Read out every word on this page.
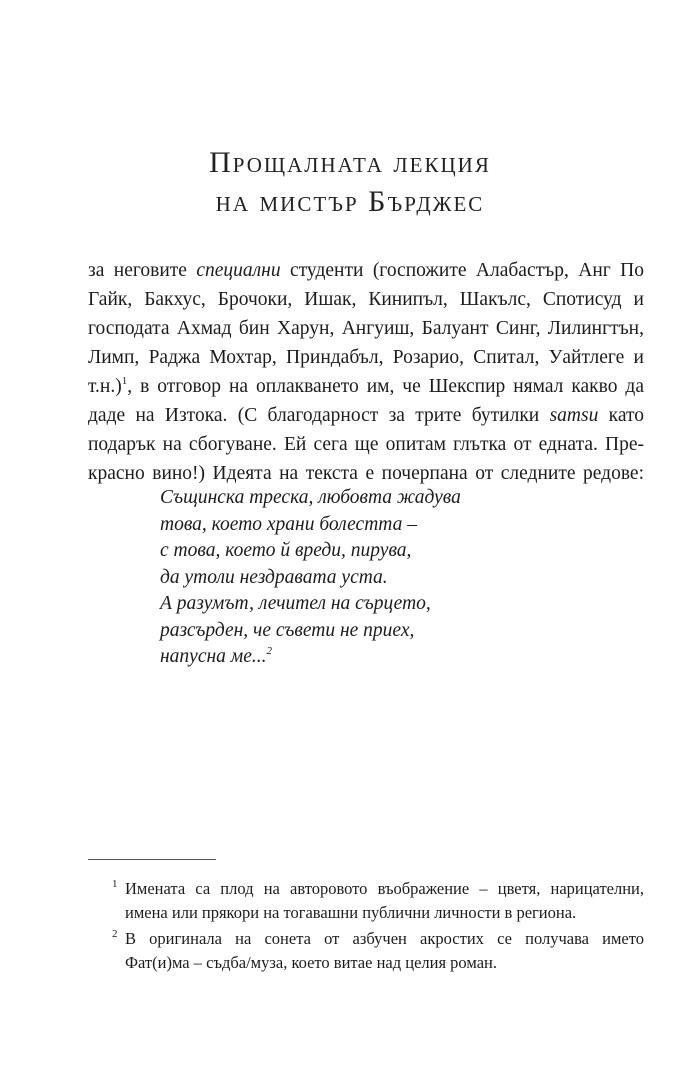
Прощалната лекция
на мистър Бърджес
за неговите специални студенти (госпожите Алабастър, Анг По
Гайк, Бакхус, Брочоки, Ишак, Кинипъл, Шакълс, Спотисуд и
господата Ахмад бин Харун, Ангуиш, Балуант Синг, Лилингтън,
Лимп, Раджа Мохтар, Приндабъл, Розарио, Спитал, Уайтлеге и
т.н.)$^1$, в отговор на оплакването им, че Шекспир нямал какво да
даде на Изтока. (С благодарност за трите бутилки samsu като
подарък на сбогуване. Ей сега ще опитам глътка от едната. Пре-
красно вино!) Идеята на текста е почерпана от следните редове:
Същинска треска, любовта жадува
това, което храни болестта –
с това, което й вреди, пирува,
да утоли нездравата уста.
А разумът, лечител на сърцето,
разсърден, че съвети не приех,
напусна ме...$^2$
1 Имената са плод на авторовото въображение – цветя, нарицателни,
имена или прякори на тогавашни публични личности в региона.
2 В оригинала на сонета от азбучен акростих се получава името
Фат(и)ма – съдба/муза, което витае над целия роман.
